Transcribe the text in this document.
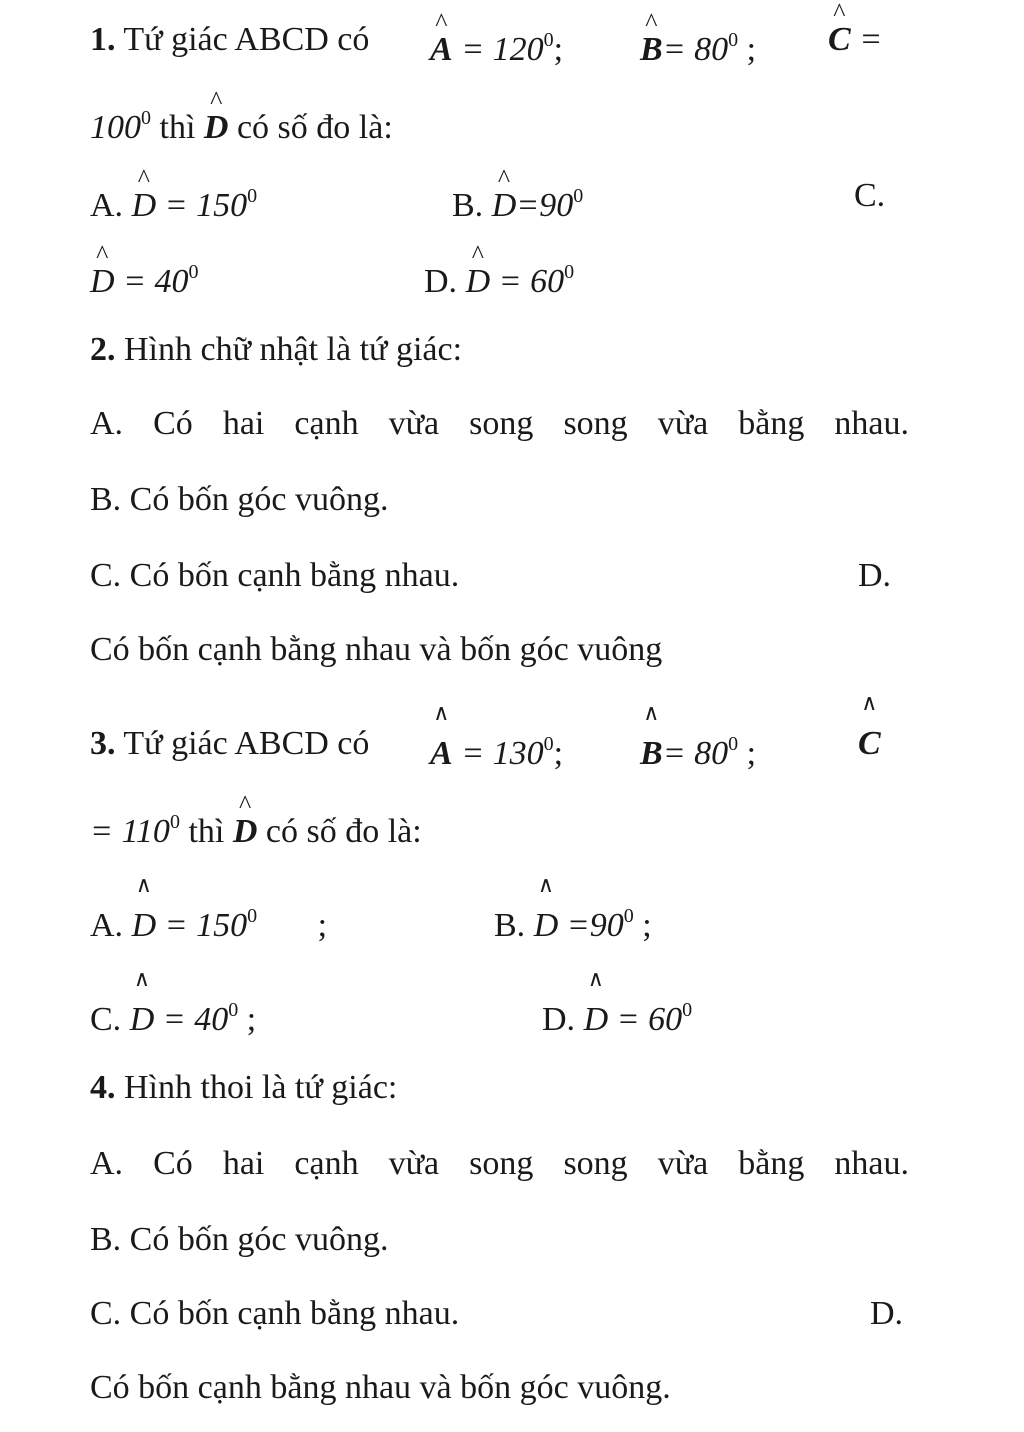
1. Tứ giác ABCD có	^
$A = 120^0$;
^
$B= 80^0$ ;
^
C =
$100^0$ thì
^
D có số đo là:
A.
^
$D = 150^0$	B.
^
$D=90^0$	C.
^
$D = 40^0$	D.
^
$D = 60^0$
2. Hình chữ nhật là tứ giác:
A. Có hai cạnh vừa song song vừa bằng nhau.
B. Có bốn góc vuông.
C. Có bốn cạnh bằng nhau.	D.
Có bốn cạnh bằng nhau và bốn góc vuông
3. Tứ giác ABCD có
∧
$A = 130^0$;
∧
$B= 80^0$ ;
∧
C
= $110^0$ thì
^
D có số đo là:
A.
∧
$D = 150^0$ ;	B.
∧
$D =90^0$ ;
C.
∧
$D = 40^0$ ;	D.
∧
$D = 60^0$
4. Hình thoi là tứ giác:
A. Có hai cạnh vừa song song vừa bằng nhau.
B. Có bốn góc vuông.
C. Có bốn cạnh bằng nhau.	D.
Có bốn cạnh bằng nhau và bốn góc vuông.
